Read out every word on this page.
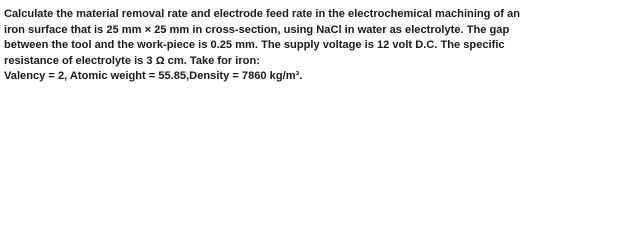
Calculate the material removal rate and electrode feed rate in the electrochemical machining of an
iron surface that is 25 mm × 25 mm in cross-section, using NaCl in water as electrolyte. The gap
between the tool and the work-piece is 0.25 mm. The supply voltage is 12 volt D.C. The specific
resistance of electrolyte is 3 Ω cm. Take for iron:
Valency = 2, Atomic weight = 55.85,Density = 7860 kg/m³.
